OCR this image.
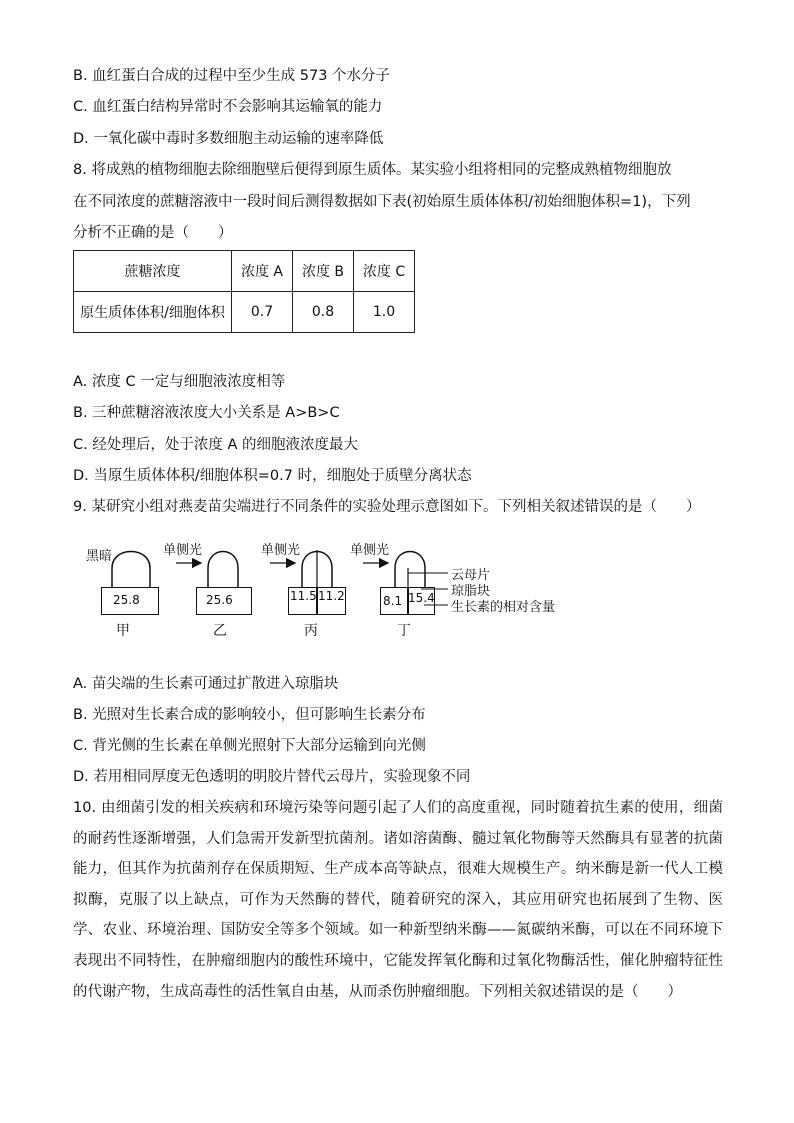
B. 血红蛋白合成的过程中至少生成 573 个水分子
C. 血红蛋白结构异常时不会影响其运输氧的能力
D. 一氧化碳中毒时多数细胞主动运输的速率降低
8. 将成熟的植物细胞去除细胞壁后便得到原生质体。某实验小组将相同的完整成熟植物细胞放
在不同浓度的蔗糖溶液中一段时间后测得数据如下表(初始原生质体体积/初始细胞体积=1)，下列
分析不正确的是（　　）
蔗糖浓度	浓度 A	浓度 B	浓度 C
原生质体体积/细胞体积	0.7	0.8	1.0
A. 浓度 C 一定与细胞液浓度相等
B. 三种蔗糖溶液浓度大小关系是 A>B>C
C. 经处理后，处于浓度 A 的细胞液浓度最大
D. 当原生质体体积/细胞体积=0.7 时，细胞处于质壁分离状态
9. 某研究小组对燕麦苗尖端进行不同条件的实验处理示意图如下。下列相关叙述错误的是（　　）
黑暗	单侧光	单侧光	单侧光
25.8	25.6	11.5 11.2	8.1 15.4
云母片
琼脂块
生长素的相对含量
甲	乙	丙	丁
A. 苗尖端的生长素可通过扩散进入琼脂块
B. 光照对生长素合成的影响较小，但可影响生长素分布
C. 背光侧的生长素在单侧光照射下大部分运输到向光侧
D. 若用相同厚度无色透明的明胶片替代云母片，实验现象不同
10. 由细菌引发的相关疾病和环境污染等问题引起了人们的高度重视，同时随着抗生素的使用，细菌的耐药性逐渐增强，人们急需开发新型抗菌剂。诸如溶菌酶、髓过氧化物酶等天然酶具有显著的抗菌能力，但其作为抗菌剂存在保质期短、生产成本高等缺点，很难大规模生产。纳米酶是新一代人工模拟酶，克服了以上缺点，可作为天然酶的替代，随着研究的深入，其应用研究也拓展到了生物、医学、农业、环境治理、国防安全等多个领域。如一种新型纳米酶——氮碳纳米酶，可以在不同环境下表现出不同特性，在肿瘤细胞内的酸性环境中，它能发挥氧化酶和过氧化物酶活性，催化肿瘤特征性的代谢产物，生成高毒性的活性氧自由基，从而杀伤肿瘤细胞。下列相关叙述错误的是（　　）
